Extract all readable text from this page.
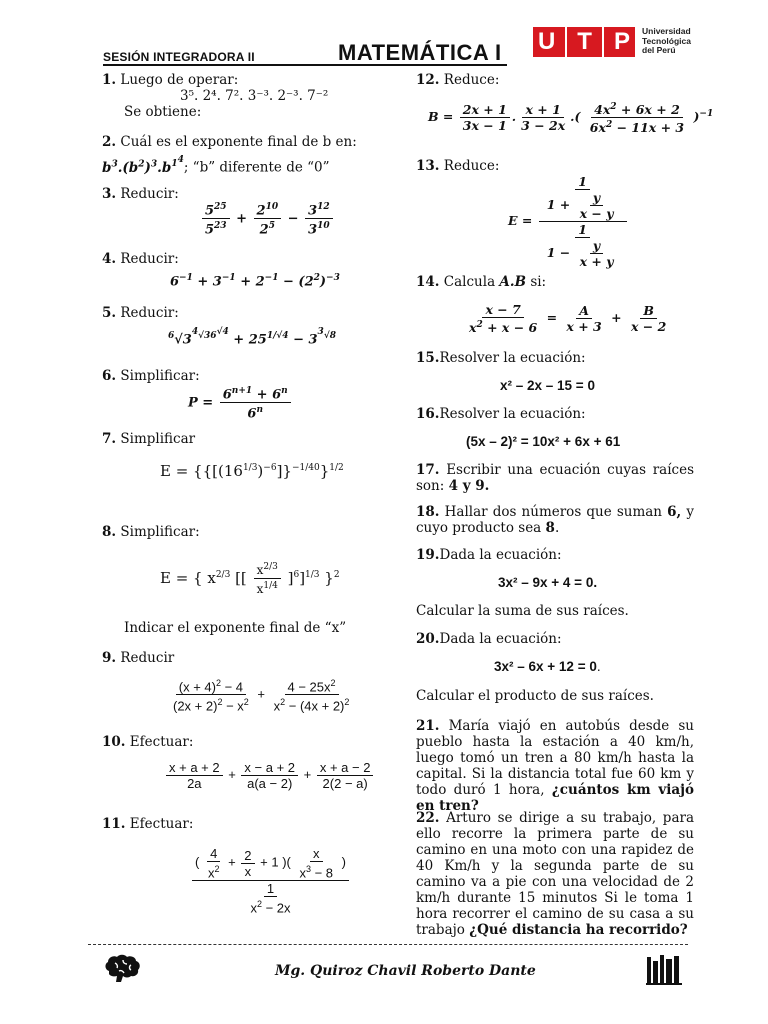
SESIÓN INTEGRADORA II	MATEMÁTICA I U T P Universidad
Tecnológica
del Perú
1. Luego de operar:
3⁵. 2⁴. 7². 3⁻³. 2⁻³. 7⁻²
Se obtiene:
2. Cuál es el exponente final de b en:
$b^3.(b^2)^3.b^{1^4}$; “b” diferente de “0”
3. Reducir:
$\frac{5^{25}}{5^{23}} + \frac{2^{10}}{2^5} - \frac{3^{12}}{3^{10}}$
4. Reducir:
$6^{-1} + 3^{-1} + 2^{-1} - (2^2)^{-3}$
5. Reducir:
$^6√3^{^4√36^{√4}} + 25^{1/√4} - 3^{^3√8}$
6. Simplificar:
$P = \frac{6^{n+1} + 6^n}{6^n}$
7. Simplificar
$E = \{\{[(16^{1/3})^{-6}]\}^{-1/40}\}^{1/2}$
8. Simplificar:
E = { $x^{2/3}$ [[ $\frac{x^{2/3}}{x^{1/4}} ]^6]^{1/3}$ }$^2$
Indicar el exponente final de “x”
9. Reducir
$\frac{(x + 4)^2 - 4}{(2x + 2)^2 - x^2} + \frac{4 - 25x^2}{x^2 - (4x + 2)^2}$
10. Efectuar:
$\frac{x + a + 2}{2a} + \frac{x - a + 2}{a(a - 2)} + \frac{x + a - 2}{2(2 - a)}$
11. Efectuar:
$\frac{( \frac{4}{x^2} + \frac{2}{x} + 1 )( \frac{x}{x^3 - 8} )}{\frac{1}{x^2 - 2x}}$
12. Reduce:
$B = \frac{2x + 1}{3x - 1}$ . $\frac{x + 1}{3 - 2x}$ .( $\frac{4x^2 + 6x + 2}{6x^2 - 11x + 3} )^{-1}$
13. Reduce:
$E = \frac{\frac{1}{1 + \frac{y}{x - y}}}{\frac{1}{1 - \frac{y}{x + y}}}$
14. Calcula A.B si:
$\frac{x - 7}{x^2 + x - 6} = \frac{A}{x + 3} + \frac{B}{x - 2}$
15.Resolver la ecuación:
x² – 2x – 15 = 0
16.Resolver la ecuación:
(5x – 2)² = 10x² + 6x + 61
17. Escribir una ecuación cuyas raíces son: 4 y 9.
18. Hallar dos números que suman 6, y cuyo producto sea 8.
19.Dada la ecuación:
3x² – 9x + 4 = 0.
Calcular la suma de sus raíces.
20.Dada la ecuación:
3x² – 6x + 12 = 0.
Calcular el producto de sus raíces.
21. María viajó en autobús desde su pueblo hasta la estación a 40 km/h, luego tomó un tren a 80 km/h hasta la capital. Si la distancia total fue 60 km y todo duró 1 hora, ¿cuántos km viajó en tren?
22. Arturo se dirige a su trabajo, para ello recorre la primera parte de su camino en una moto con una rapidez de 40 Km/h y la segunda parte de su camino va a pie con una velocidad de 2 km/h durante 15 minutos Si le toma 1 hora recorrer el camino de su casa a su trabajo ¿Qué distancia ha recorrido?
Mg. Quiroz Chavil Roberto Dante
